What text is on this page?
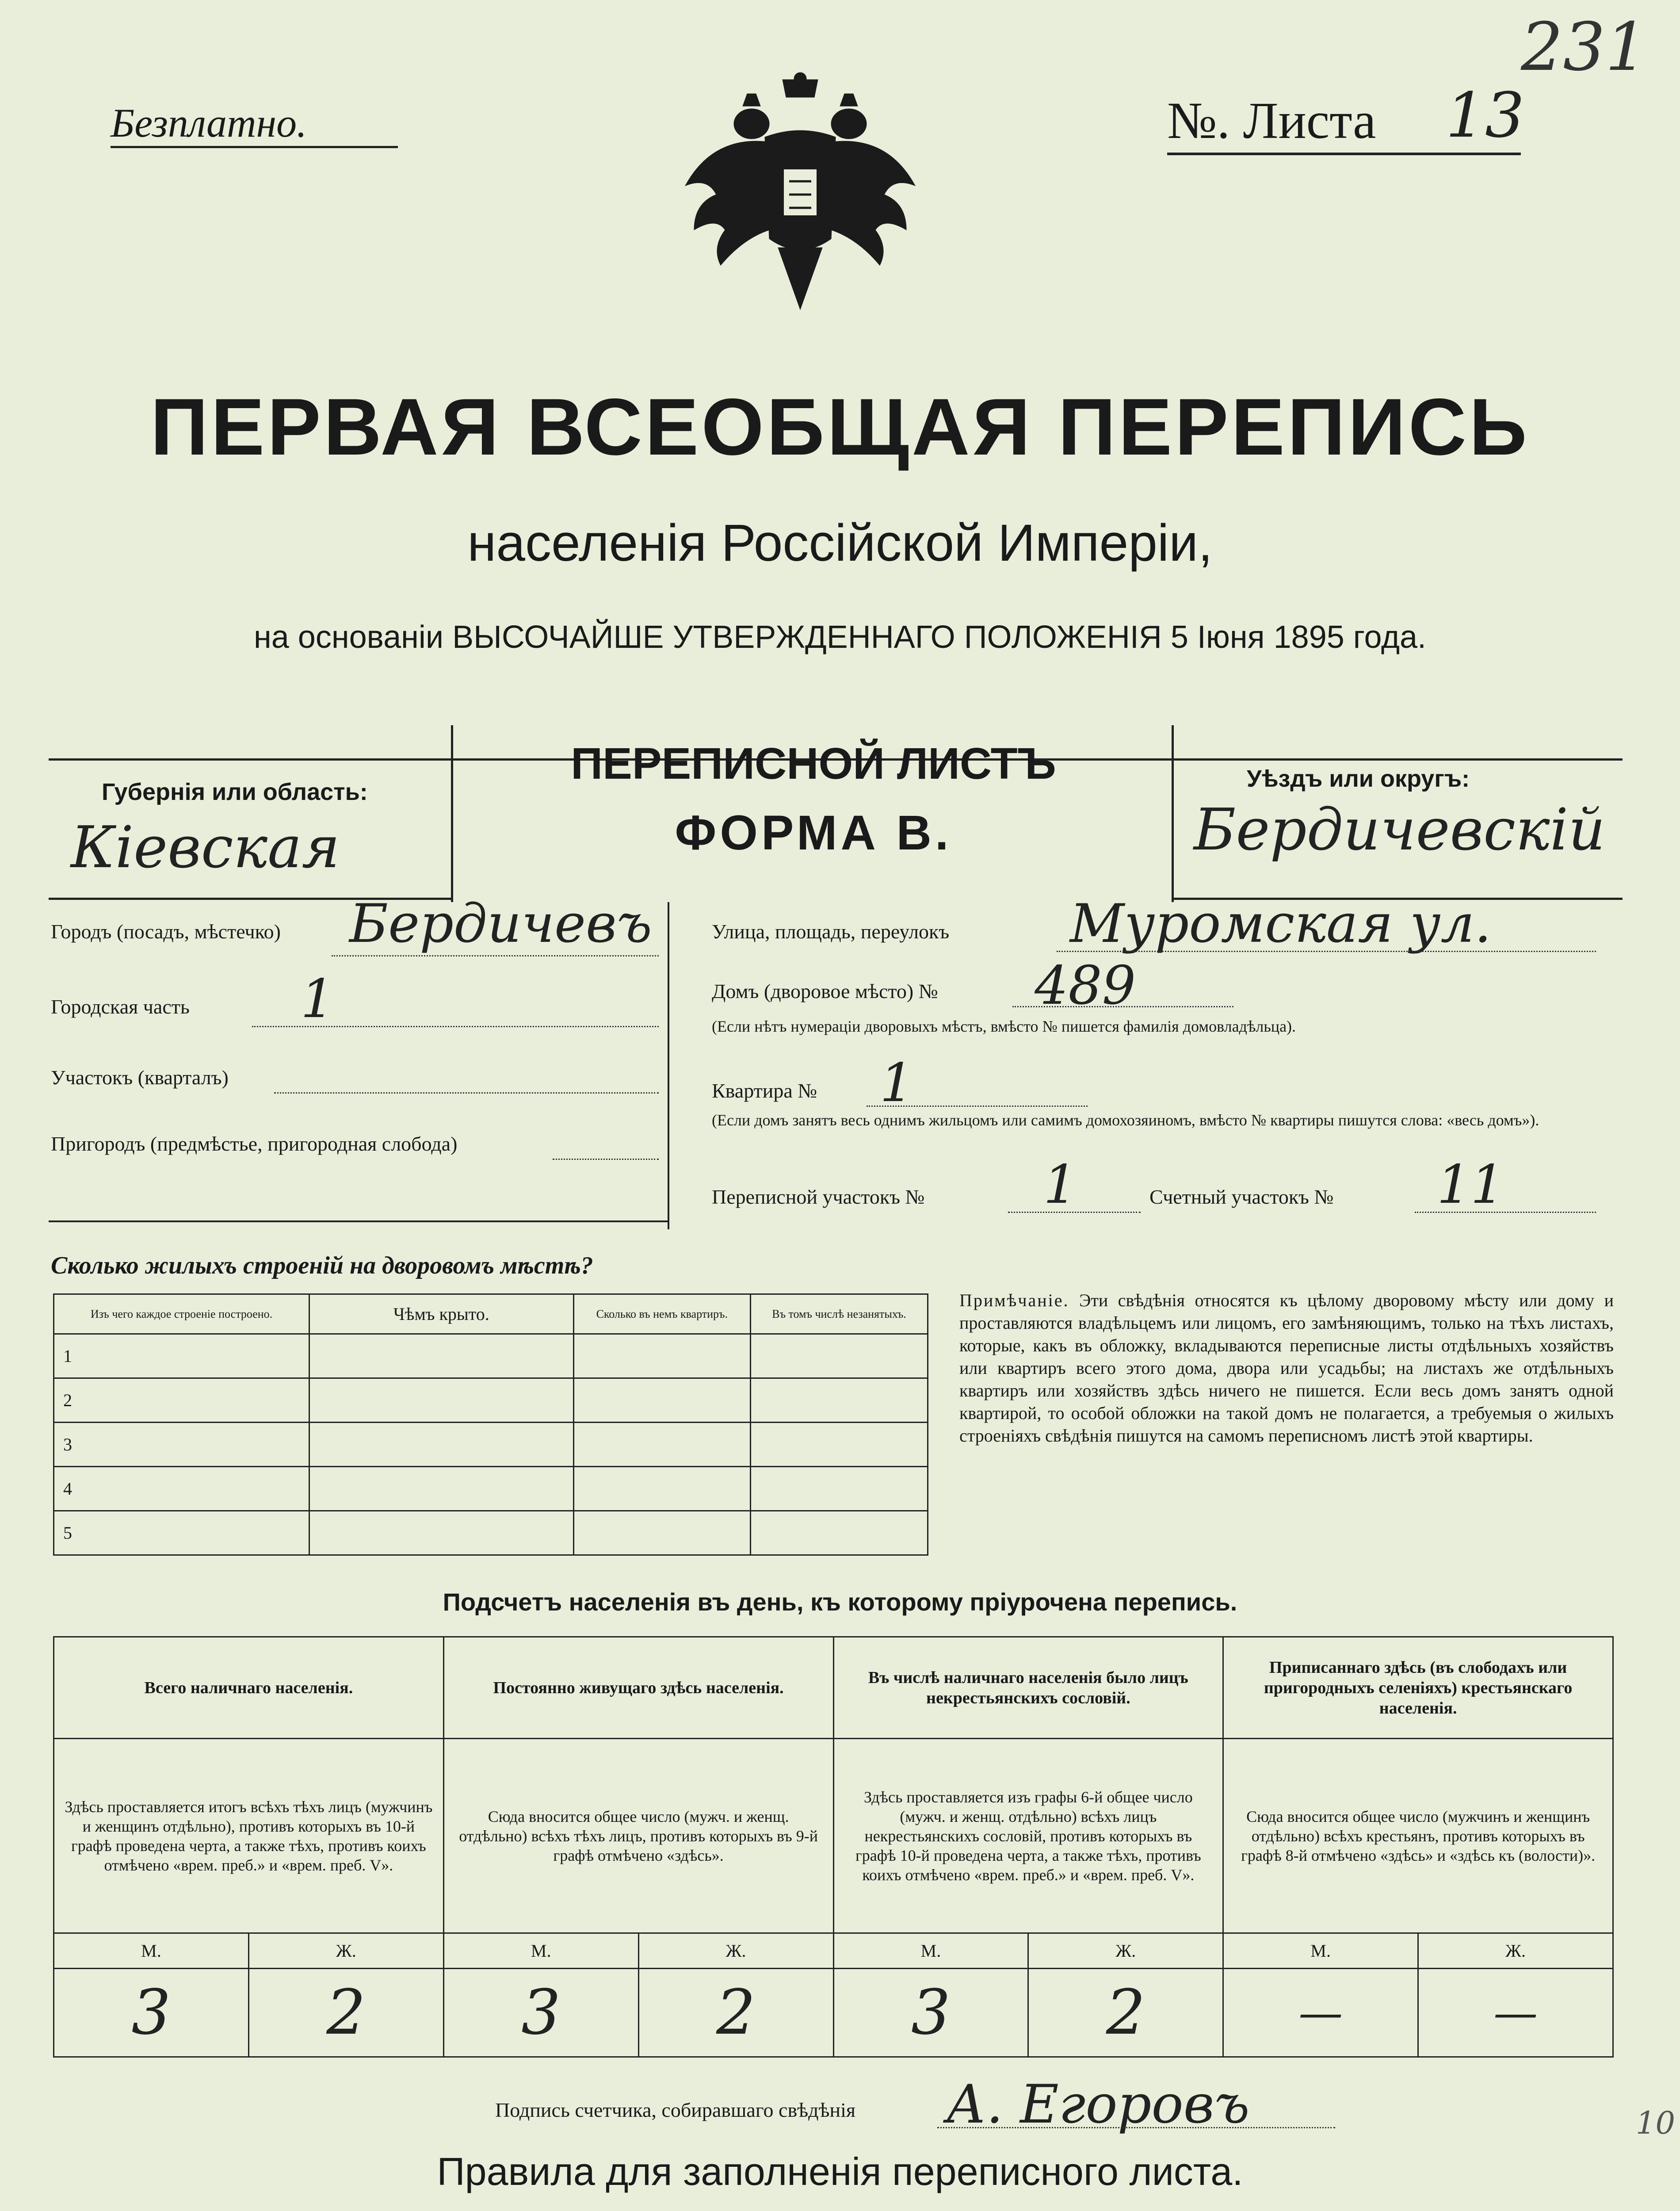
231
Безплатно.	№. Листа 13
ПЕРВАЯ ВСЕОБЩАЯ ПЕРЕПИСЬ
населенія Россійской Имперіи,
на основаніи ВЫСОЧАЙШЕ УТВЕРЖДЕННАГО ПОЛОЖЕНІЯ 5 Іюня 1895 года.
Губернія или область:
Кіевская
ПЕРЕПИСНОЙ ЛИСТЪ
ФОРМА В.
Уѣздъ или округъ:
Бердичевскій
Городъ (посадъ, мѣстечко) Бердичевъ
Городская часть 1
Участокъ (кварталъ)
Пригородъ (предмѣстье, пригородная слобода)
Улица, площадь, переулокъ Муромская ул.
Домъ (дворовое мѣсто) № 489
(Если нѣтъ нумераціи дворовыхъ мѣстъ, вмѣсто № пишется фамилія домовладѣльца).
Квартира № 1
(Если домъ занятъ весь однимъ жильцомъ или самимъ домохозяиномъ, вмѣсто № квартиры пишутся слова: «весь домъ»).
Переписной участокъ № 1	Счетный участокъ № 11
Сколько жилыхъ строеній на дворовомъ мѣстѣ?
Изъ чего каждое строеніе построено.	Чѣмъ крыто.	Сколько въ немъ квартиръ.	Въ томъ числѣ незанятыхъ.
1			
2			
3			
4			
5			
Примѣчаніе. Эти свѣдѣнія относятся къ цѣлому дворовому мѣсту или дому и проставляются владѣльцемъ или лицомъ, его замѣняющимъ, только на тѣхъ листахъ, которые, какъ въ обложку, вкладываются переписные листы отдѣльныхъ хозяйствъ или квартиръ всего этого дома, двора или усадьбы; на листахъ же отдѣльныхъ квартиръ или хозяйствъ здѣсь ничего не пишется. Если весь домъ занятъ одной квартирой, то особой обложки на такой домъ не полагается, а требуемыя о жилыхъ строеніяхъ свѣдѣнія пишутся на самомъ переписномъ листѣ этой квартиры.
Подсчетъ населенія въ день, къ которому пріурочена перепись.
Всего наличнаго населенія.		Постоянно живущаго здѣсь населенія.		Въ числѣ наличнаго населенія было лицъ некрестьянскихъ сословій.		Приписаннаго здѣсь (въ слободахъ или пригородныхъ селеніяхъ) крестьянскаго населенія.	
Здѣсь проставляется итогъ всѣхъ тѣхъ лицъ (мужчинъ и женщинъ отдѣльно), противъ которыхъ въ 10-й графѣ проведена черта, а также тѣхъ, противъ коихъ отмѣчено «врем. преб.» и «врем. преб. V».		Сюда вносится общее число (мужч. и женщ. отдѣльно) всѣхъ тѣхъ лицъ, противъ которыхъ въ 9-й графѣ отмѣчено «здѣсь».		Здѣсь проставляется изъ графы 6-й общее число (мужч. и женщ. отдѣльно) всѣхъ лицъ некрестьянскихъ сословій, противъ которыхъ въ графѣ 10-й проведена черта, а также тѣхъ, противъ коихъ отмѣчено «врем. преб.» и «врем. преб. V».		Сюда вносится общее число (мужчинъ и женщинъ отдѣльно) всѣхъ крестьянъ, противъ которыхъ въ графѣ 8-й отмѣчено «здѣсь» и «здѣсь къ (волости)».	
М.	Ж.	М.	Ж.	М.	Ж.	М.	Ж.
3	2	3	2	3	2	—	—
Подпись счетчика, собиравшаго свѣдѣнія А. Егоровъ
Правила для заполненія переписного листа.
10
